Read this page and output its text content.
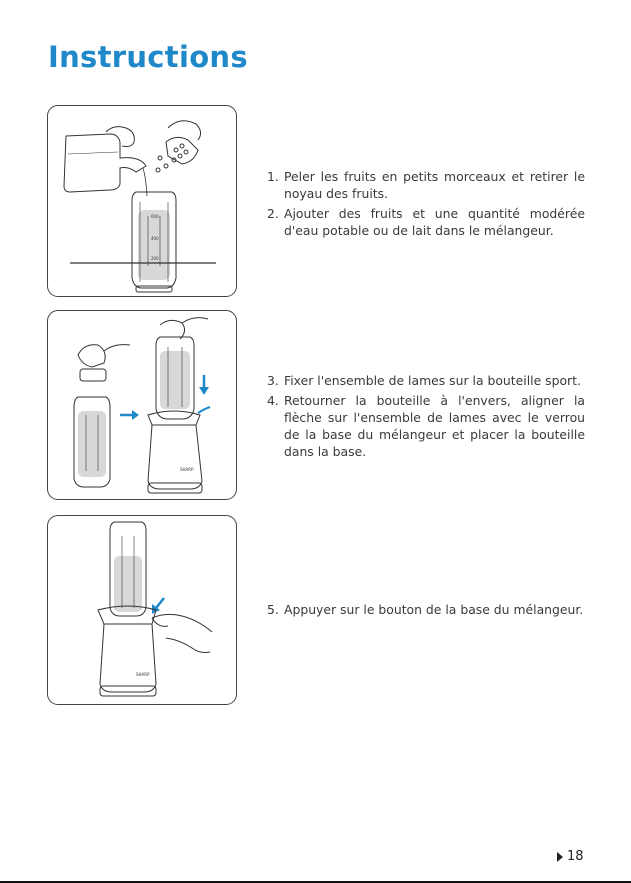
Instructions
600
400
200
1. Peler les fruits en petits morceaux et retirer le noyau des fruits.
2. Ajouter des fruits et une quantité modérée d'eau potable ou de lait dans le mélangeur.
SHARP
3. Fixer l'ensemble de lames sur la bouteille sport.
4. Retourner la bouteille à l'envers, aligner la flèche sur l'ensemble de lames avec le verrou de la base du mélangeur et placer la bouteille dans la base.
SHARP
5. Appuyer sur le bouton de la base du mélangeur.
18
